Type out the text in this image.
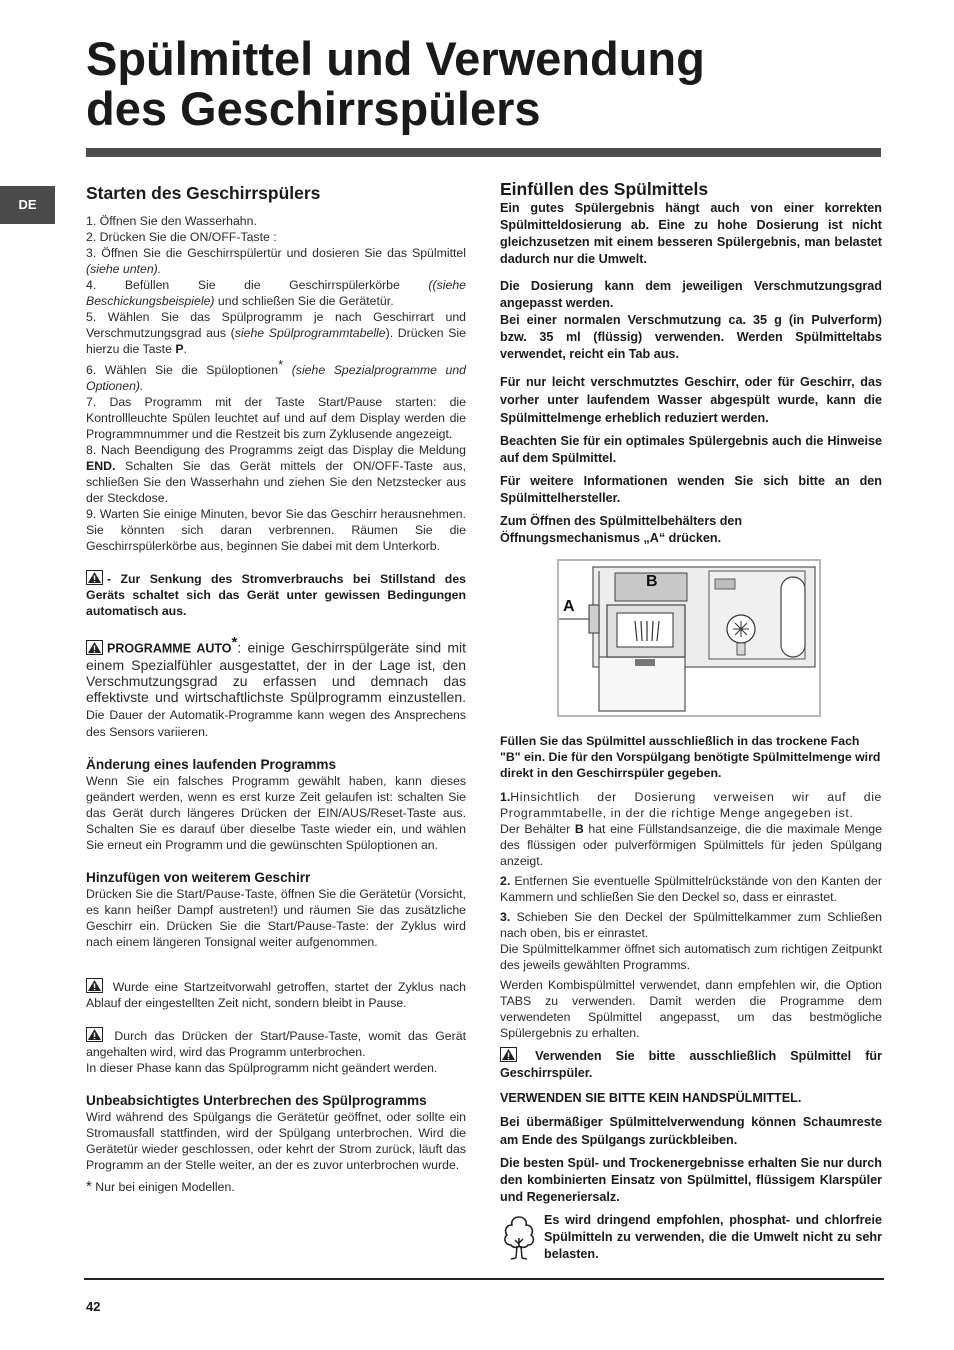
Spülmittel und Verwendung
des Geschirrspülers
DE
Starten des Geschirrspülers

1. Öffnen Sie den Wasserhahn.

2. Drücken Sie die ON/OFF-Taste :

3. Öffnen Sie die Geschirrspülertür und dosieren Sie das Spülmittel (siehe unten).

4. Befüllen Sie die Geschirrspülerkörbe ((siehe Beschickungsbeispiele) und schließen Sie die Gerätetür.

5. Wählen Sie das Spülprogramm je nach Geschirrart und Verschmutzungsgrad aus (siehe Spülprogrammtabelle). Drücken Sie hierzu die Taste P.

6. Wählen Sie die Spüloptionen* (siehe Spezialprogramme und Optionen).

7. Das Programm mit der Taste Start/Pause starten: die Kontrollleuchte Spülen leuchtet auf und auf dem Display werden die Programmnummer und die Restzeit bis zum Zyklusende angezeigt.

8. Nach Beendigung des Programms zeigt das Display die Meldung END. Schalten Sie das Gerät mittels der ON/OFF-Taste aus, schließen Sie den Wasserhahn und ziehen Sie den Netzstecker aus der Steckdose.

9. Warten Sie einige Minuten, bevor Sie das Geschirr herausnehmen. Sie könnten sich daran verbrennen. Räumen Sie die Geschirrspülerkörbe aus, beginnen Sie dabei mit dem Unterkorb.

- Zur Senkung des Stromverbrauchs bei Stillstand des Geräts schaltet sich das Gerät unter gewissen Bedingungen automatisch aus.

PROGRAMME AUTO*: einige Geschirrspülgeräte sind mit einem Spezialfühler ausgestattet, der in der Lage ist, den Verschmutzungsgrad zu erfassen und demnach das effektivste und wirtschaftlichste Spülprogramm einzustellen. Die Dauer der Automatik-Programme kann wegen des Ansprechens des Sensors variieren.

Änderung eines laufenden Programms

Wenn Sie ein falsches Programm gewählt haben, kann dieses geändert werden, wenn es erst kurze Zeit gelaufen ist: schalten Sie das Gerät durch längeres Drücken der EIN/AUS/Reset-Taste aus. Schalten Sie es darauf über dieselbe Taste wieder ein, und wählen Sie erneut ein Programm und die gewünschten Spüloptionen an.

Hinzufügen von weiterem Geschirr

Drücken Sie die Start/Pause-Taste, öffnen Sie die Gerätetür (Vorsicht, es kann heißer Dampf austreten!) und räumen Sie das zusätzliche Geschirr ein. Drücken Sie die Start/Pause-Taste: der Zyklus wird nach einem längeren Tonsignal weiter aufgenommen.

Wurde eine Startzeitvorwahl getroffen, startet der Zyklus nach Ablauf der eingestellten Zeit nicht, sondern bleibt in Pause.

Durch das Drücken der Start/Pause-Taste, womit das Gerät angehalten wird, wird das Programm unterbrochen.

In dieser Phase kann das Spülprogramm nicht geändert werden.

Unbeabsichtigtes Unterbrechen des Spülprogramms

Wird während des Spülgangs die Gerätetür geöffnet, oder sollte ein Stromausfall stattfinden, wird der Spülgang unterbrochen. Wird die Gerätetür wieder geschlossen, oder kehrt der Strom zurück, läuft das Programm an der Stelle weiter, an der es zuvor unterbrochen wurde.

* Nur bei einigen Modellen.

Einfüllen des Spülmittels

Ein gutes Spülergebnis hängt auch von einer korrekten Spülmitteldosierung ab. Eine zu hohe Dosierung ist nicht gleichzusetzen mit einem besseren Spülergebnis, man belastet dadurch nur die Umwelt.

Die Dosierung kann dem jeweiligen Verschmutzungsgrad angepasst werden.

Bei einer normalen Verschmutzung ca. 35 g (in Pulverform) bzw. 35 ml (flüssig) verwenden. Werden Spülmitteltabs verwendet, reicht ein Tab aus.

Für nur leicht verschmutztes Geschirr, oder für Geschirr, das vorher unter laufendem Wasser abgespült wurde, kann die Spülmittelmenge erheblich reduziert werden.

Beachten Sie für ein optimales Spülergebnis auch die Hinweise auf dem Spülmittel.

Für weitere Informationen wenden Sie sich bitte an den Spülmittelhersteller.

Zum Öffnen des Spülmittelbehälters den Öffnungsmechanismus „A“ drücken.

A
B

Füllen Sie das Spülmittel ausschließlich in das trockene Fach "B" ein. Die für den Vorspülgang benötigte Spülmittelmenge wird direkt in den Geschirrspüler gegeben.

1.Hinsichtlich der Dosierung verweisen wir auf die Programmtabelle, in der die richtige Menge angegeben ist.

Der Behälter B hat eine Füllstandsanzeige, die die maximale Menge des flüssigen oder pulverförmigen Spülmittels für jeden Spülgang anzeigt.

2. Entfernen Sie eventuelle Spülmittelrückstände von den Kanten der Kammern und schließen Sie den Deckel so, dass er einrastet.

3. Schieben Sie den Deckel der Spülmittelkammer zum Schließen nach oben, bis er einrastet.

Die Spülmittelkammer öffnet sich automatisch zum richtigen Zeitpunkt des jeweils gewählten Programms.

Werden Kombispülmittel verwendet, dann empfehlen wir, die Option TABS zu verwenden. Damit werden die Programme dem verwendeten Spülmittel angepasst, um das bestmögliche Spülergebnis zu erhalten.

Verwenden Sie bitte ausschließlich Spülmittel für Geschirrspüler.

VERWENDEN SIE BITTE KEIN HANDSPÜLMITTEL.

Bei übermäßiger Spülmittelverwendung können Schaumreste am Ende des Spülgangs zurückbleiben.

Die besten Spül- und Trockenergebnisse erhalten Sie nur durch den kombinierten Einsatz von Spülmittel, flüssigem Klarspüler und Regeneriersalz.

Es wird dringend empfohlen, phosphat- und chlorfreie Spülmitteln zu verwenden, die die Umwelt nicht zu sehr belasten.

42
